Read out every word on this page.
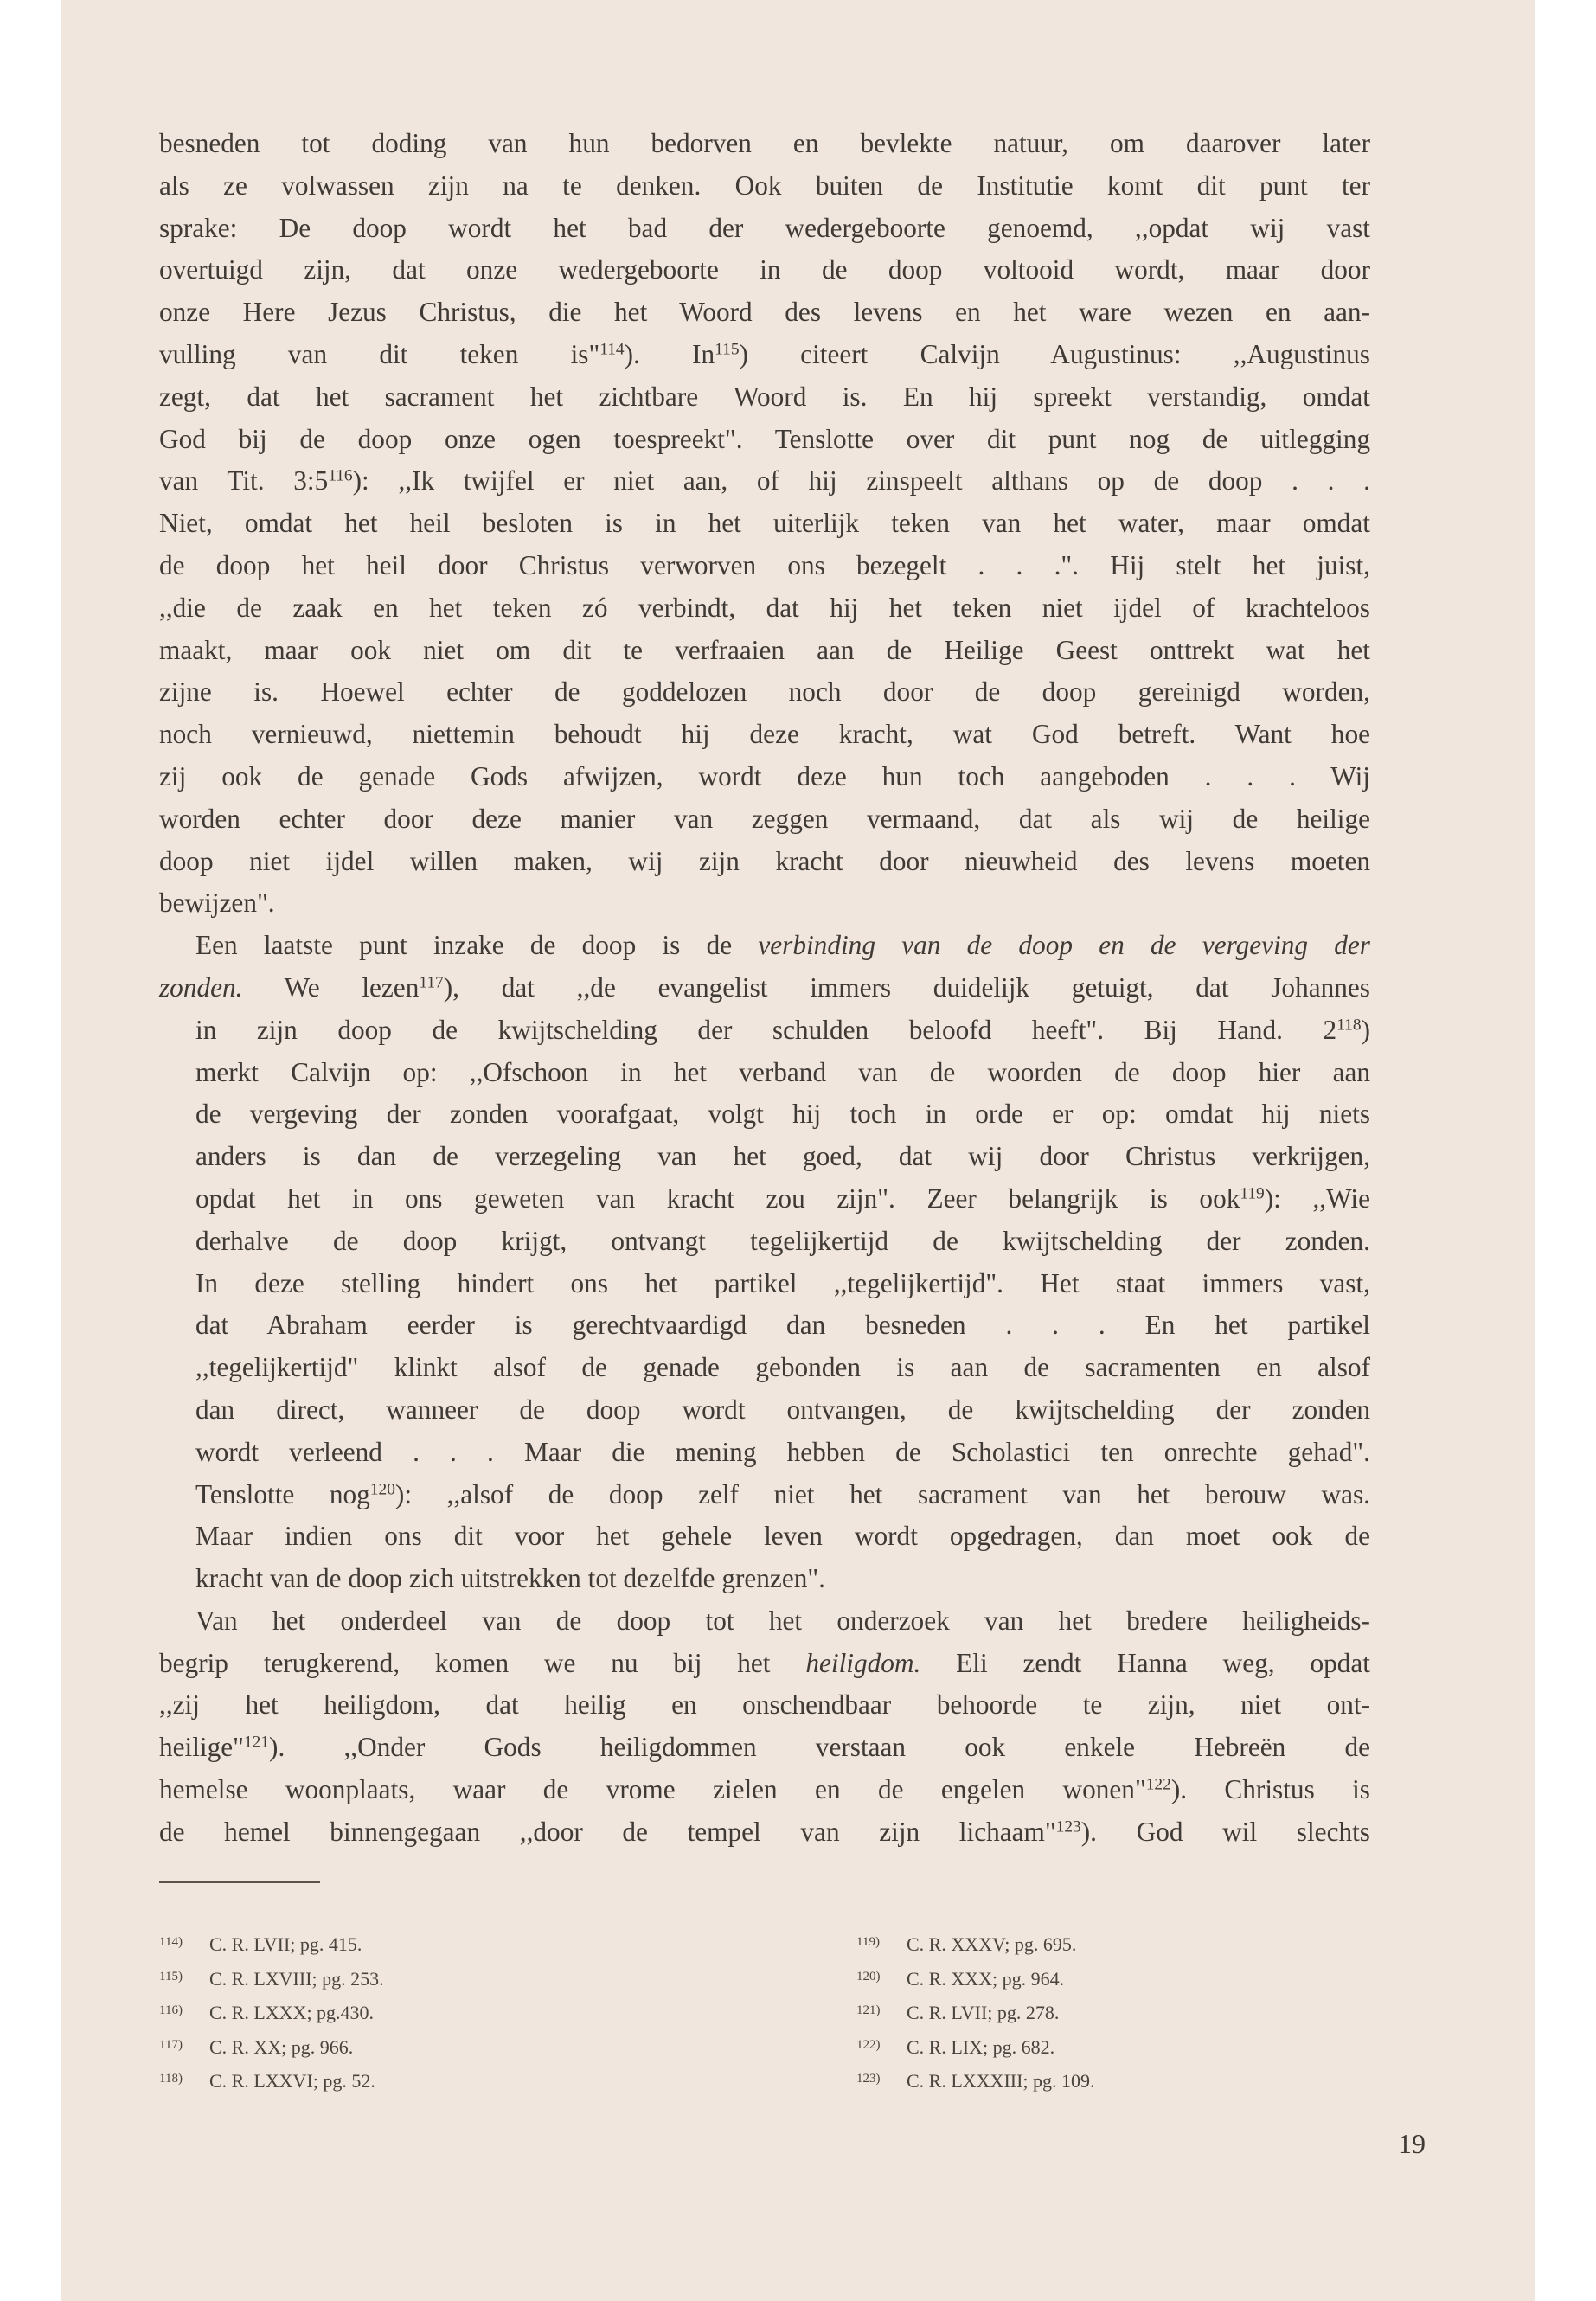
besneden tot doding van hun bedorven en bevlekte natuur, om daarover later
als ze volwassen zijn na te denken. Ook buiten de Institutie komt dit punt ter
sprake: De doop wordt het bad der wedergeboorte genoemd, ,,opdat wij vast
overtuigd zijn, dat onze wedergeboorte in de doop voltooid wordt, maar door
onze Here Jezus Christus, die het Woord des levens en het ware wezen en aan-
vulling van dit teken is"$^{114}$). In$^{115}$) citeert Calvijn Augustinus: ,,Augustinus
zegt, dat het sacrament het zichtbare Woord is. En hij spreekt verstandig, omdat
God bij de doop onze ogen toespreekt". Tenslotte over dit punt nog de uitlegging
van Tit. $3:5^{116}$): ,,Ik twijfel er niet aan, of hij zinspeelt althans op de doop . . .
Niet, omdat het heil besloten is in het uiterlijk teken van het water, maar omdat
de doop het heil door Christus verworven ons bezegelt . . .". Hij stelt het juist,
,,die de zaak en het teken zó verbindt, dat hij het teken niet ijdel of krachteloos
maakt, maar ook niet om dit te verfraaien aan de Heilige Geest onttrekt wat het
zijne is. Hoewel echter de goddelozen noch door de doop gereinigd worden,
noch vernieuwd, niettemin behoudt hij deze kracht, wat God betreft. Want hoe
zij ook de genade Gods afwijzen, wordt deze hun toch aangeboden . . . Wij
worden echter door deze manier van zeggen vermaand, dat als wij de heilige
doop niet ijdel willen maken, wij zijn kracht door nieuwheid des levens moeten
bewijzen".

Een laatste punt inzake de doop is de verbinding van de doop en de vergeving der
zonden. We lezen$^{117}$), dat ,,de evangelist immers duidelijk getuigt, dat Johannes
in zijn doop de kwijtschelding der schulden beloofd heeft". Bij Hand. $2^{118}$)
merkt Calvijn op: ,,Ofschoon in het verband van de woorden de doop hier aan
de vergeving der zonden voorafgaat, volgt hij toch in orde er op: omdat hij niets
anders is dan de verzegeling van het goed, dat wij door Christus verkrijgen,
opdat het in ons geweten van kracht zou zijn". Zeer belangrijk is ook$^{119}$): ,,Wie
derhalve de doop krijgt, ontvangt tegelijkertijd de kwijtschelding der zonden.
In deze stelling hindert ons het partikel ,,tegelijkertijd". Het staat immers vast,
dat Abraham eerder is gerechtvaardigd dan besneden . . . En het partikel
,,tegelijkertijd" klinkt alsof de genade gebonden is aan de sacramenten en alsof
dan direct, wanneer de doop wordt ontvangen, de kwijtschelding der zonden
wordt verleend . . . Maar die mening hebben de Scholastici ten onrechte gehad".
Tenslotte nog$^{120}$): ,,alsof de doop zelf niet het sacrament van het berouw was.
Maar indien ons dit voor het gehele leven wordt opgedragen, dan moet ook de
kracht van de doop zich uitstrekken tot dezelfde grenzen".

Van het onderdeel van de doop tot het onderzoek van het bredere heiligheids-
begrip terugkerend, komen we nu bij het heiligdom. Eli zendt Hanna weg, opdat
,,zij het heiligdom, dat heilig en onschendbaar behoorde te zijn, niet ont-
heilige"$^{121}$). ,,Onder Gods heiligdommen verstaan ook enkele Hebreën de
hemelse woonplaats, waar de vrome zielen en de engelen wonen"$^{122}$). Christus is
de hemel binnengegaan ,,door de tempel van zijn lichaam"$^{123}$). God wil slechts

114) C. R. LVII; pg. 415.
115) C. R. LXVIII; pg. 253.
116) C. R. LXXX; pg.430.
117) C. R. XX; pg. 966.
118) C. R. LXXVI; pg. 52.
119) C. R. XXXV; pg. 695.
120) C. R. XXX; pg. 964.
121) C. R. LVII; pg. 278.
122) C. R. LIX; pg. 682.
123) C. R. LXXXIII; pg. 109.
19
